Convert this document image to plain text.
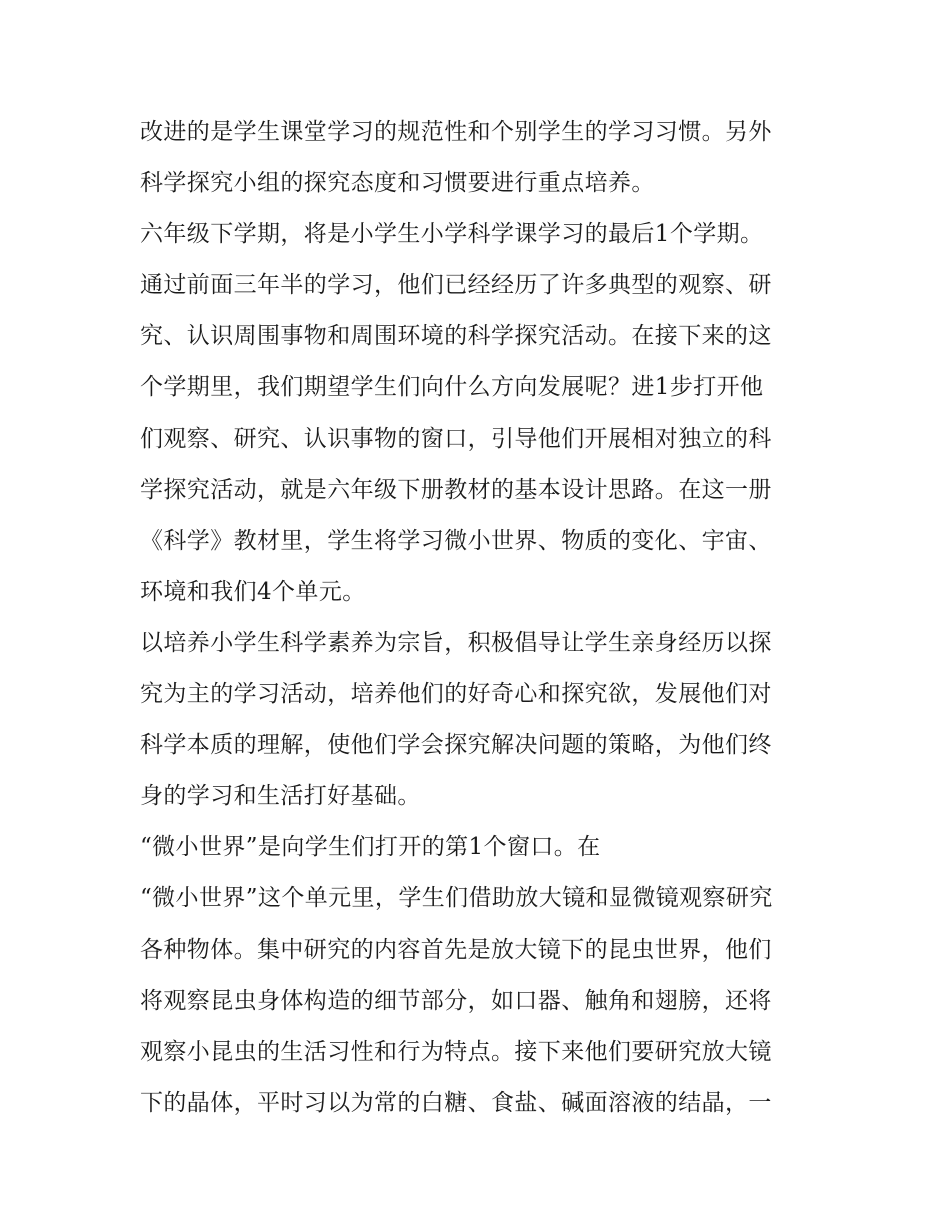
改进的是学生课堂学习的规范性和个别学生的学习习惯。另外
科学探究小组的探究态度和习惯要进行重点培养。
六年级下学期，将是小学生小学科学课学习的最后1个学期。
通过前面三年半的学习，他们已经经历了许多典型的观察、研
究、认识周围事物和周围环境的科学探究活动。在接下来的这
个学期里，我们期望学生们向什么方向发展呢？进1步打开他
们观察、研究、认识事物的窗口，引导他们开展相对独立的科
学探究活动，就是六年级下册教材的基本设计思路。在这一册
《科学》教材里，学生将学习微小世界、物质的变化、宇宙、
环境和我们4个单元。
以培养小学生科学素养为宗旨，积极倡导让学生亲身经历以探
究为主的学习活动，培养他们的好奇心和探究欲，发展他们对
科学本质的理解，使他们学会探究解决问题的策略，为他们终
身的学习和生活打好基础。
“微小世界”是向学生们打开的第1个窗口。在
“微小世界”这个单元里，学生们借助放大镜和显微镜观察研究
各种物体。集中研究的内容首先是放大镜下的昆虫世界，他们
将观察昆虫身体构造的细节部分，如口器、触角和翅膀，还将
观察小昆虫的生活习性和行为特点。接下来他们要研究放大镜
下的晶体，平时习以为常的白糖、食盐、碱面溶液的结晶，一
